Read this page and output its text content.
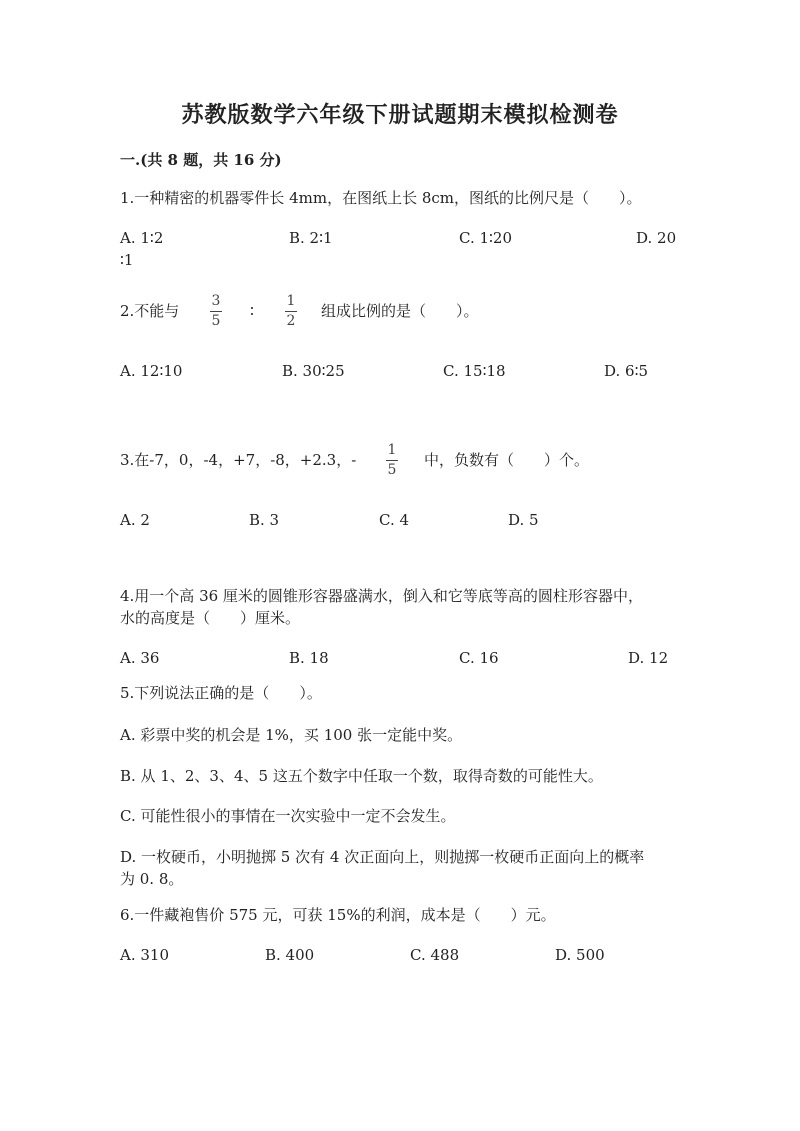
苏教版数学六年级下册试题期末模拟检测卷
一.(共 8 题，共 16 分)
1.一种精密的机器零件长 4mm，在图纸上长 8cm，图纸的比例尺是（　　）。
A. 1∶2	B. 2∶1	C. 1∶20	D. 20
∶1
2.不能与
3
5
∶
1
2
组成比例的是（　　）。
A. 12∶10	B. 30∶25	C. 15∶18	D. 6∶5
3.在-7，0，-4，+7，-8，+2.3，-
1
5
中，负数有（　　）个。
A. 2	B. 3	C. 4	D. 5
4.用一个高 36 厘米的圆锥形容器盛满水，倒入和它等底等高的圆柱形容器中，
水的高度是（　　）厘米。
A. 36	B. 18	C. 16	D. 12
5.下列说法正确的是（　　）。
A. 彩票中奖的机会是 1%，买 100 张一定能中奖。
B. 从 1、2、3、4、5 这五个数字中任取一个数，取得奇数的可能性大。
C. 可能性很小的事情在一次实验中一定不会发生。
D. 一枚硬币，小明抛掷 5 次有 4 次正面向上，则抛掷一枚硬币正面向上的概率
为 0. 8。
6.一件藏袍售价 575 元，可获 15%的利润，成本是（　　）元。
A. 310	B. 400	C. 488	D. 500
